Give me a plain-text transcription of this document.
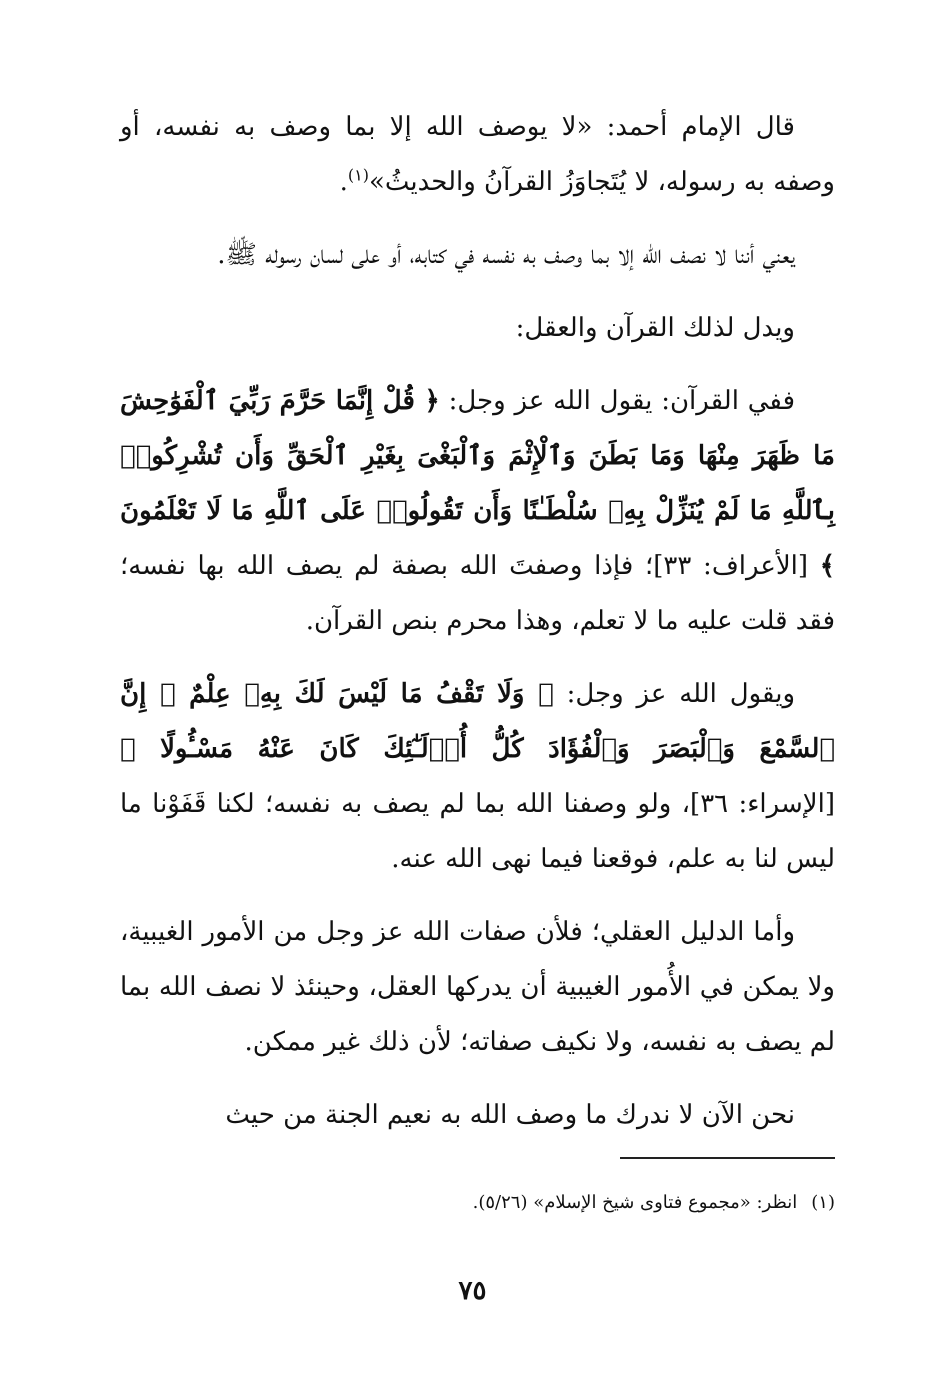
قال الإمام أحمد: «لا يوصف الله إلا بما وصف به نفسه، أو وصفه به رسوله، لا يُتَجاوَزُ القرآنُ والحديثُ»$^{(١)}$.

يعني أننا لا نصف الله إلا بما وصف به نفسه في كتابه، أو على لسان رسوله ﷺ.

ويدل لذلك القرآن والعقل:

ففي القرآن: يقول الله عز وجل: ﴿ قُلْ إِنَّمَا حَرَّمَ رَبِّيَ ٱلْفَوَٰحِشَ مَا ظَهَرَ مِنْهَا وَمَا بَطَنَ وَٱلْإِثْمَ وَٱلْبَغْىَ بِغَيْرِ ٱلْحَقِّ وَأَن تُشْرِكُوا۟ بِٱللَّهِ مَا لَمْ يُنَزِّلْ بِهِۦ سُلْطَـٰنًا وَأَن تَقُولُوا۟ عَلَى ٱللَّهِ مَا لَا تَعْلَمُونَ ﴾ [الأعراف: ٣٣]؛ فإذا وصفتَ الله بصفة لم يصف الله بها نفسه؛ فقد قلت عليه ما لا تعلم، وهذا محرم بنص القرآن.

ويقول الله عز وجل: ﴿ وَلَا تَقْفُ مَا لَيْسَ لَكَ بِهِۦ عِلْمٌ ۚ إِنَّ ٱلسَّمْعَ وَٱلْبَصَرَ وَٱلْفُؤَادَ كُلُّ أُو۟لَـٰٓئِكَ كَانَ عَنْهُ مَسْـُٔولًا ﴾ [الإسراء: ٣٦]، ولو وصفنا الله بما لم يصف به نفسه؛ لكنا قَفَوْنا ما ليس لنا به علم، فوقعنا فيما نهى الله عنه.

وأما الدليل العقلي؛ فلأن صفات الله عز وجل من الأمور الغيبية، ولا يمكن في الأُمور الغيبية أن يدركها العقل، وحينئذ لا نصف الله بما لم يصف به نفسه، ولا نكيف صفاته؛ لأن ذلك غير ممكن.

نحن الآن لا ندرك ما وصف الله به نعيم الجنة من حيث

(١)انظر: «مجموع فتاوى شيخ الإسلام» (٥/٢٦).
٧٥
